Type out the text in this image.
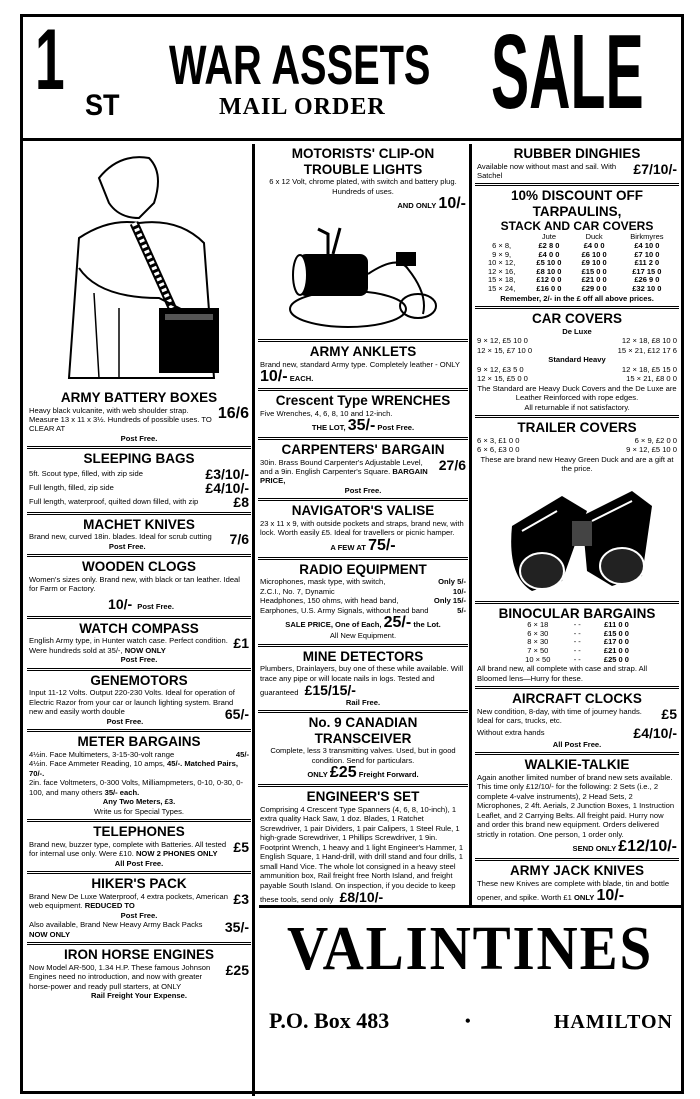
1 ST
WAR ASSETS
MAIL ORDER SALE
ARMY BATTERY BOXES
16/6
Heavy black vulcanite, with web shoulder strap. Measure 13 x 11 x 3½. Hundreds of possible uses. TO CLEAR AT
Post Free.
SLEEPING BAGS
5ft. Scout type, filled, with zip side	£3/10/-
Full length, filled, zip side	£4/10/-
Full length, waterproof, quilted down filled, with zip	£8
MACHET KNIVES
7/6
Brand new, curved 18in. blades. Ideal for scrub cutting
Post Free.
WOODEN CLOGS
Women's sizes only. Brand new, with black or tan leather. Ideal for Farm or Factory.
10/- Post Free.
WATCH COMPASS
£1
English Army type, in Hunter watch case. Perfect condition. Were hundreds sold at 35/-, NOW ONLY
Post Free.
GENEMOTORS
Input 11-12 Volts. Output 220-230 Volts. Ideal for operation of Electric Razor from your car or launch lighting system. Brand new and easily worth double	65/-
Post Free.
METER BARGAINS
4½in. Face Multimeters, 3-15-30-volt range	45/-
4½in. Face Ammeter Reading, 10 amps, 45/-. Matched Pairs, 70/-.
2in. face Voltmeters, 0-300 Volts, Milliampmeters, 0-10, 0-30, 0-100, and many others 35/- each.
Any Two Meters, £3.
Write us for Special Types.
TELEPHONES
£5
Brand new, buzzer type, complete with Batteries. All tested for internal use only. Were £10. NOW 2 PHONES ONLY
All Post Free.
HIKER'S PACK
£3
Brand New De Luxe Waterproof, 4 extra pockets, American web equipment. REDUCED TO
Post Free.
35/-
Also available, Brand New Heavy Army Back Packs NOW ONLY
IRON HORSE ENGINES
£25
Now Model AR-500, 1.34 H.P. These famous Johnson Engines need no introduction, and now with greater horse-power and ready pull starters, at ONLY
Rail Freight Your Expense.
MOTORISTS' CLIP-ON TROUBLE LIGHTS
6 x 12 Volt, chrome plated, with switch and battery plug. Hundreds of uses.
AND ONLY 10/-
ARMY ANKLETS
Brand new, standard Army type. Completely leather - ONLY 10/- EACH.
Crescent Type WRENCHES
Five Wrenches, 4, 6, 8, 10 and 12-inch.
THE LOT, 35/- Post Free.
CARPENTERS' BARGAIN
27/6
30in. Brass Bound Carpenter's Adjustable Level, and a 9in. English Carpenter's Square. BARGAIN PRICE,
Post Free.
NAVIGATOR'S VALISE
23 x 11 x 9, with outside pockets and straps, brand new, with lock. Worth easily £5. Ideal for travellers or picnic hamper.
A FEW AT 75/-
RADIO EQUIPMENT
Microphones, mask type, with switch,	Only 5/-
Z.C.I., No. 7, Dynamic	10/-
Headphones, 150 ohms, with head band,	Only 15/-
Earphones, U.S. Army Signals, without head band	5/-
SALE PRICE, One of Each, 25/- the Lot.
All New Equipment.
MINE DETECTORS
Plumbers, Drainlayers, buy one of these while available. Will trace any pipe or will locate nails in logs. Tested and guaranteed £15/15/-
Rail Free.
No. 9 CANADIAN TRANSCEIVER
Complete, less 3 transmitting valves. Used, but in good condition. Send for particulars.
ONLY £25 Freight Forward.
ENGINEER'S SET
Comprising 4 Crescent Type Spanners (4, 6, 8, 10-inch), 1 extra quality Hack Saw, 1 doz. Blades, 1 Ratchet Screwdriver, 1 pair Dividers, 1 pair Calipers, 1 Steel Rule, 1 high-grade Screwdriver, 1 Phillips Screwdriver, 1 9in. Footprint Wrench, 1 heavy and 1 light Engineer's Hammer, 1 English Square, 1 Hand-drill, with drill stand and four drills, 1 small Hand Vice. The whole lot consigned in a heavy steel ammunition box, Rail freight free North Island, and freight payable South Island. On inspection, if you decide to keep these tools, send only £8/10/-
RUBBER DINGHIES
£7/10/-
Available now without mast and sail. With Satchel
10% DISCOUNT OFF
TARPAULINS,
STACK AND CAR COVERS
	Jute	Duck	Birkmyres
6 × 8,	£2 8 0	£4 0 0	£4 10 0
9 × 9,	£4 0 0	£6 10 0	£7 10 0
10 × 12,	£5 10 0	£9 10 0	£11 2 0
12 × 16,	£8 10 0	£15 0 0	£17 15 0
15 × 18,	£12 0 0	£21 0 0	£26 9 0
15 × 24,	£16 0 0	£29 0 0	£32 10 0
Remember, 2/- in the £ off all above prices.
CAR COVERS
De Luxe
9 × 12, £5 10 0	12 × 18, £8 10 0
12 × 15, £7 10 0	15 × 21, £12 17 6
Standard Heavy
9 × 12, £3 5 0	12 × 18, £5 15 0
12 × 15, £5 0 0	15 × 21, £8 0 0
The Standard are Heavy Duck Covers and the De Luxe are Leather Reinforced with rope edges.
All returnable if not satisfactory.
TRAILER COVERS
6 × 3, £1 0 0	6 × 9, £2 0 0
6 × 6, £3 0 0	9 × 12, £5 10 0
These are brand new Heavy Green Duck and are a gift at the price.
BINOCULAR BARGAINS
6 × 18	- -	£11 0 0
6 × 30	- -	£15 0 0
8 × 30	- -	£17 0 0
7 × 50	- -	£21 0 0
10 × 50	- -	£25 0 0
All brand new, all complete with case and strap. All Bloomed lens—Hurry for these.
AIRCRAFT CLOCKS
£5
New condition, 8-day, with time of journey hands. Ideal for cars, trucks, etc.
Without extra hands	£4/10/-
All Post Free.
WALKIE-TALKIE
Again another limited number of brand new sets available. This time only £12/10/- for the following: 2 Sets (i.e., 2 complete 4-valve instruments), 2 Head Sets, 2 Microphones, 2 4ft. Aerials, 2 Junction Boxes, 1 Instruction Leaflet, and 2 Carrying Belts. All freight paid. Hurry now and order this brand new equipment. Orders delivered strictly in rotation. One person, 1 order only.
SEND ONLY £12/10/-
ARMY JACK KNIVES
These new Knives are complete with blade, tin and bottle opener, and spike. Worth £1 ONLY 10/-
VALINTINES
P.O. Box 483	•	HAMILTON
